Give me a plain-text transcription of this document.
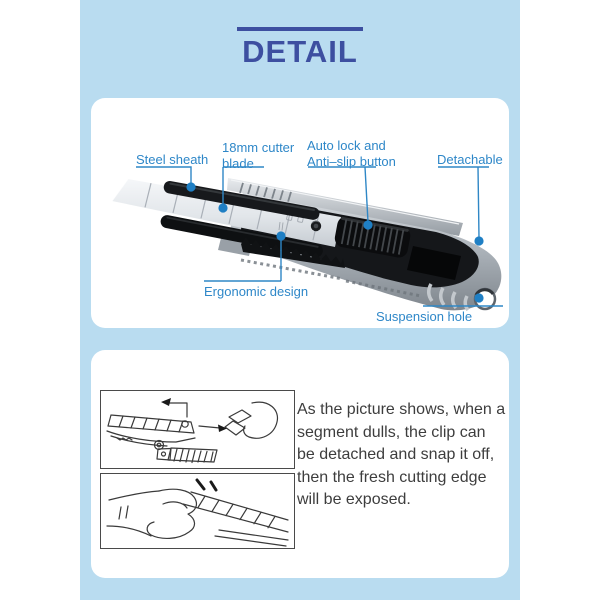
DETAIL
Steel sheath
18mm cutter blade
Auto lock and Anti–slip button	Detachable
Ergonomic design
Suspension hole
As the picture shows, when a segment dulls, the clip can be detached and snap it off, then the fresh cutting edge will be exposed.
